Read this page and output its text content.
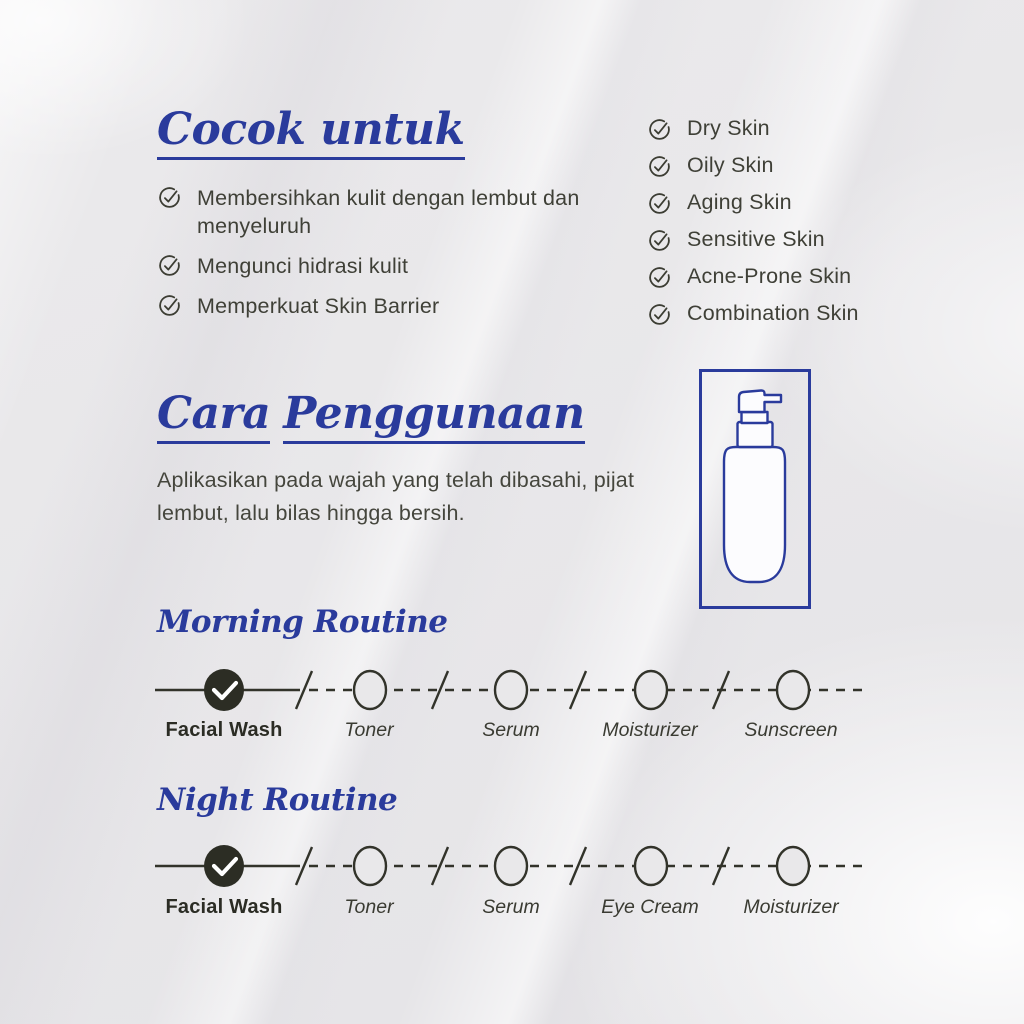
Cocok untuk
Membersihkan kulit dengan lembut dan menyeluruh
Mengunci hidrasi kulit
Memperkuat Skin Barrier
Dry Skin
Oily Skin
Aging Skin
Sensitive Skin
Acne-Prone Skin
Combination Skin
Cara Penggunaan

Aplikasikan pada wajah yang telah dibasahi, pijat lembut, lalu bilas hingga bersih.

Morning Routine
Facial Wash	Toner	Serum	Moisturizer Sunscreen
Night Routine
Facial Wash	Toner	Serum	Eye Cream Moisturizer
